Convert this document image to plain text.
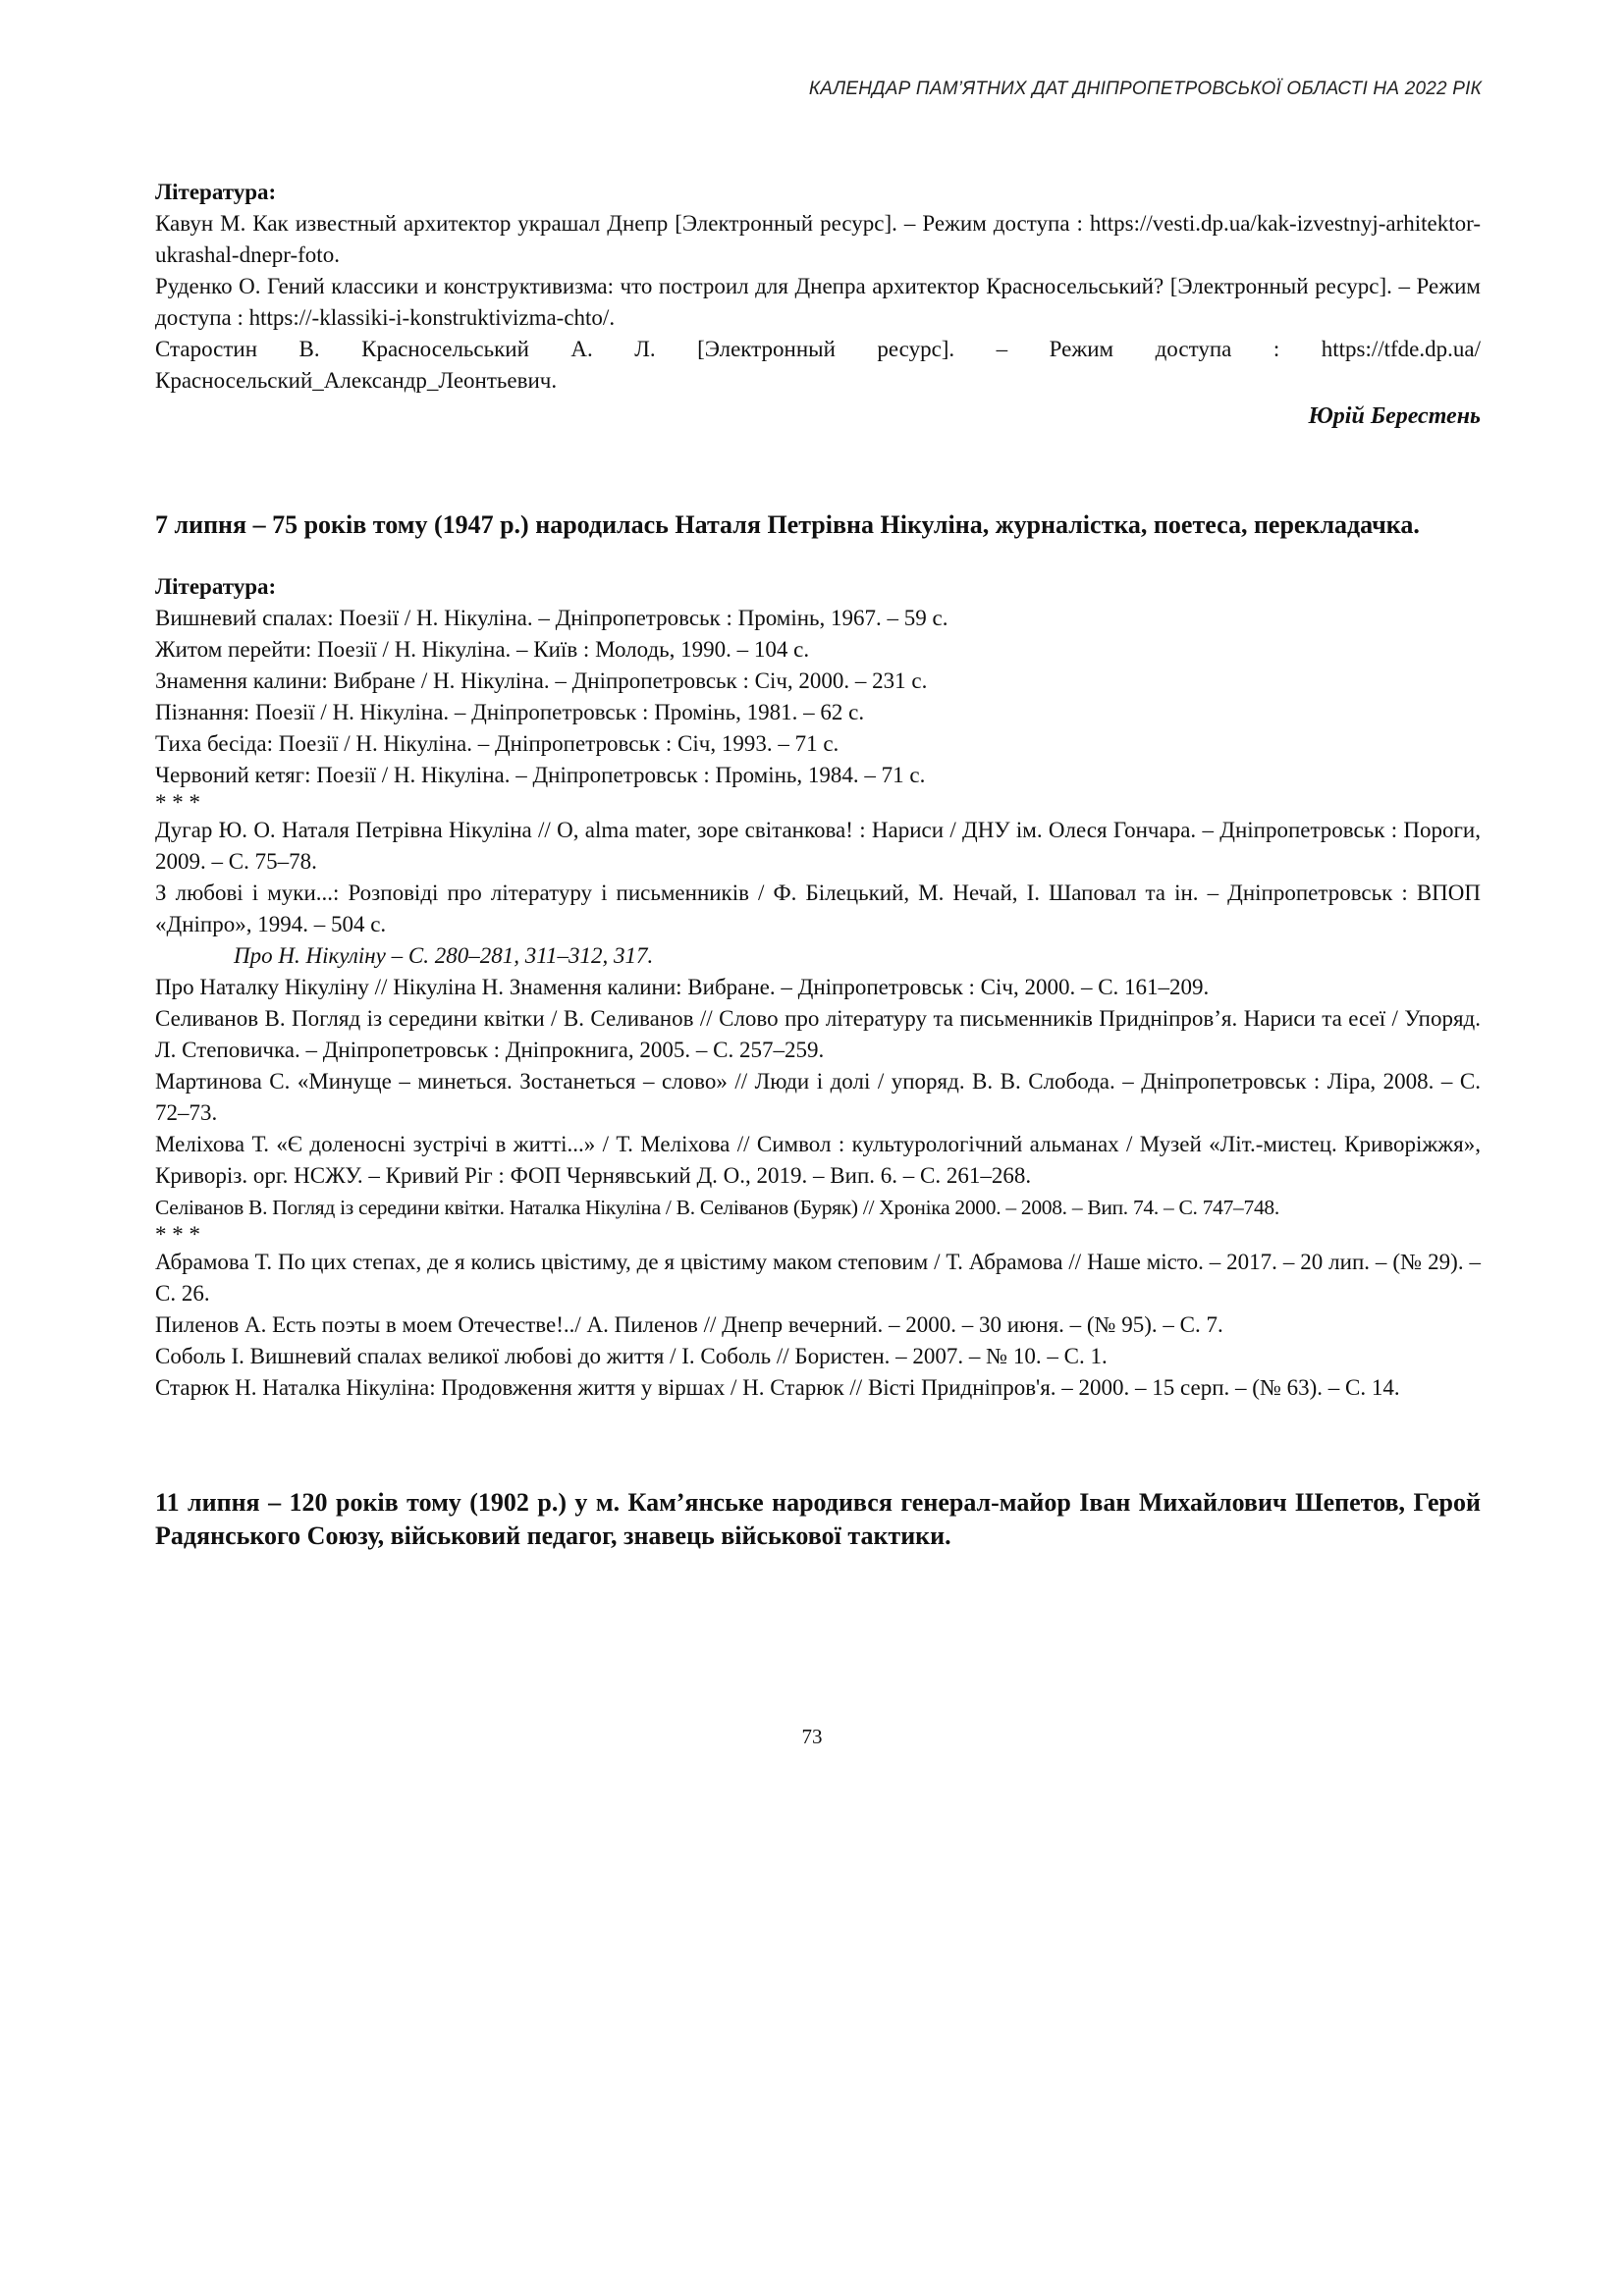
КАЛЕНДАР ПАМ’ЯТНИХ ДАТ ДНІПРОПЕТРОВСЬКОЇ ОБЛАСТІ НА 2022 РІК

Література:

Кавун М. Как известный архитектор украшал Днепр [Электронный ресурс]. – Режим доступа : https://vesti.dp.ua/kak-izvestnyj-arhitektor-ukrashal-dnepr-foto.

Руденко О. Гений классики и конструктивизма: что построил для Днепра архитектор Красносельський? [Электронный ресурс]. – Режим доступа : https://-klassiki-i-konstruktivizma-chto/.

Старостин В. Красносельський А. Л. [Электронный ресурс]. – Режим доступа : https://tfde.dp.ua/Красносельский_Александр_Леонтьевич.

Юрій Берестень

7 липня – 75 років тому (1947 р.) народилась Наталя Петрівна Нікуліна, журналістка, поетеса, перекладачка.

Література:

Вишневий спалах: Поезії / Н. Нікуліна. – Дніпропетровськ : Промінь, 1967. – 59 с.

Житом перейти: Поезії / Н. Нікуліна. – Київ : Молодь, 1990. – 104 с.

Знамення калини: Вибране / Н. Нікуліна. – Дніпропетровськ : Січ, 2000. – 231 с.

Пізнання: Поезії / Н. Нікуліна. – Дніпропетровськ : Промінь, 1981. – 62 с.

Тиха бесіда: Поезії / Н. Нікуліна. – Дніпропетровськ : Січ, 1993. – 71 с.

Червоний кетяг: Поезії / Н. Нікуліна. – Дніпропетровськ : Промінь, 1984. – 71 с.

* * *

Дугар Ю. О. Наталя Петрівна Нікуліна // О, alma mater, зоре світанкова! : Нариси / ДНУ ім. Олеся Гончара. – Дніпропетровськ : Пороги, 2009. – С. 75–78.

З любові і муки...: Розповіді про літературу і письменників / Ф. Білецький, М. Нечай, І. Шаповал та ін. – Дніпропетровськ : ВПОП «Дніпро», 1994. – 504 с.

Про Н. Нікуліну – С. 280–281, 311–312, 317.

Про Наталку Нікуліну // Нікуліна Н. Знамення калини: Вибране. – Дніпропетровськ : Січ, 2000. – С. 161–209.

Селиванов В. Погляд із середини квітки / В. Селиванов // Слово про літературу та письменників Придніпров’я. Нариси та есеї / Упоряд. Л. Степовичка. – Дніпропетровськ : Дніпрокнига, 2005. – С. 257–259.

Мартинова С. «Минуще – минеться. Зостанеться – слово» // Люди і долі / упоряд. В. В. Слобода. – Дніпропетровськ : Ліра, 2008. – С. 72–73.

Меліхова Т. «Є доленосні зустрічі в житті...» / Т. Меліхова // Символ : культурологічний альманах / Музей «Літ.-мистец. Криворіжжя», Криворіз. орг. НСЖУ. – Кривий Ріг : ФОП Чернявський Д. О., 2019. – Вип. 6. – С. 261–268.

Селіванов В. Погляд із середини квітки. Наталка Нікуліна / В. Селіванов (Буряк) // Хроніка 2000. – 2008. – Вип. 74. – С. 747–748.

* * *

Абрамова Т. По цих степах, де я колись цвістиму, де я цвістиму маком степовим / Т. Абрамова // Наше місто. – 2017. – 20 лип. – (№ 29). – С. 26.

Пиленов А. Есть поэты в моем Отечестве!../ А. Пиленов // Днепр вечерний. – 2000. – 30 июня. – (№ 95). – С. 7.

Соболь І. Вишневий спалах великої любові до життя / І. Соболь // Бористен. – 2007. – № 10. – С. 1.

Старюк Н. Наталка Нікуліна: Продовження життя у віршах / Н. Старюк // Вісті Придніпров'я. – 2000. – 15 серп. – (№ 63). – С. 14.

11 липня – 120 років тому (1902 р.) у м. Кам’янське народився генерал-майор Іван Михайлович Шепетов, Герой Радянського Союзу, військовий педагог, знавець військової тактики.

73
